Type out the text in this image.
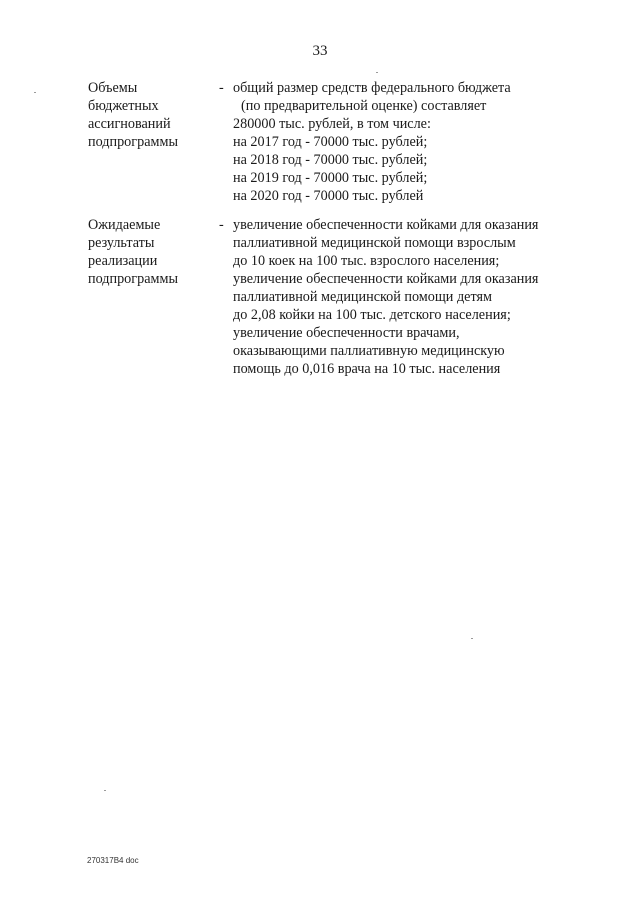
33
Объемы
бюджетных
ассигнований
подпрограммы
- общий размер средств федерального бюджета
(по предварительной оценке) составляет
280000 тыс. рублей, в том числе:
на 2017 год - 70000 тыс. рублей;
на 2018 год - 70000 тыс. рублей;
на 2019 год - 70000 тыс. рублей;
на 2020 год - 70000 тыс. рублей
Ожидаемые
результаты
реализации
подпрограммы
- увеличение обеспеченности койками для оказания
паллиативной медицинской помощи взрослым
до 10 коек на 100 тыс. взрослого населения;
увеличение обеспеченности койками для оказания
паллиативной медицинской помощи детям
до 2,08 койки на 100 тыс. детского населения;
увеличение обеспеченности врачами,
оказывающими паллиативную медицинскую
помощь до 0,016 врача на 10 тыс. населения
270317В4 doc
